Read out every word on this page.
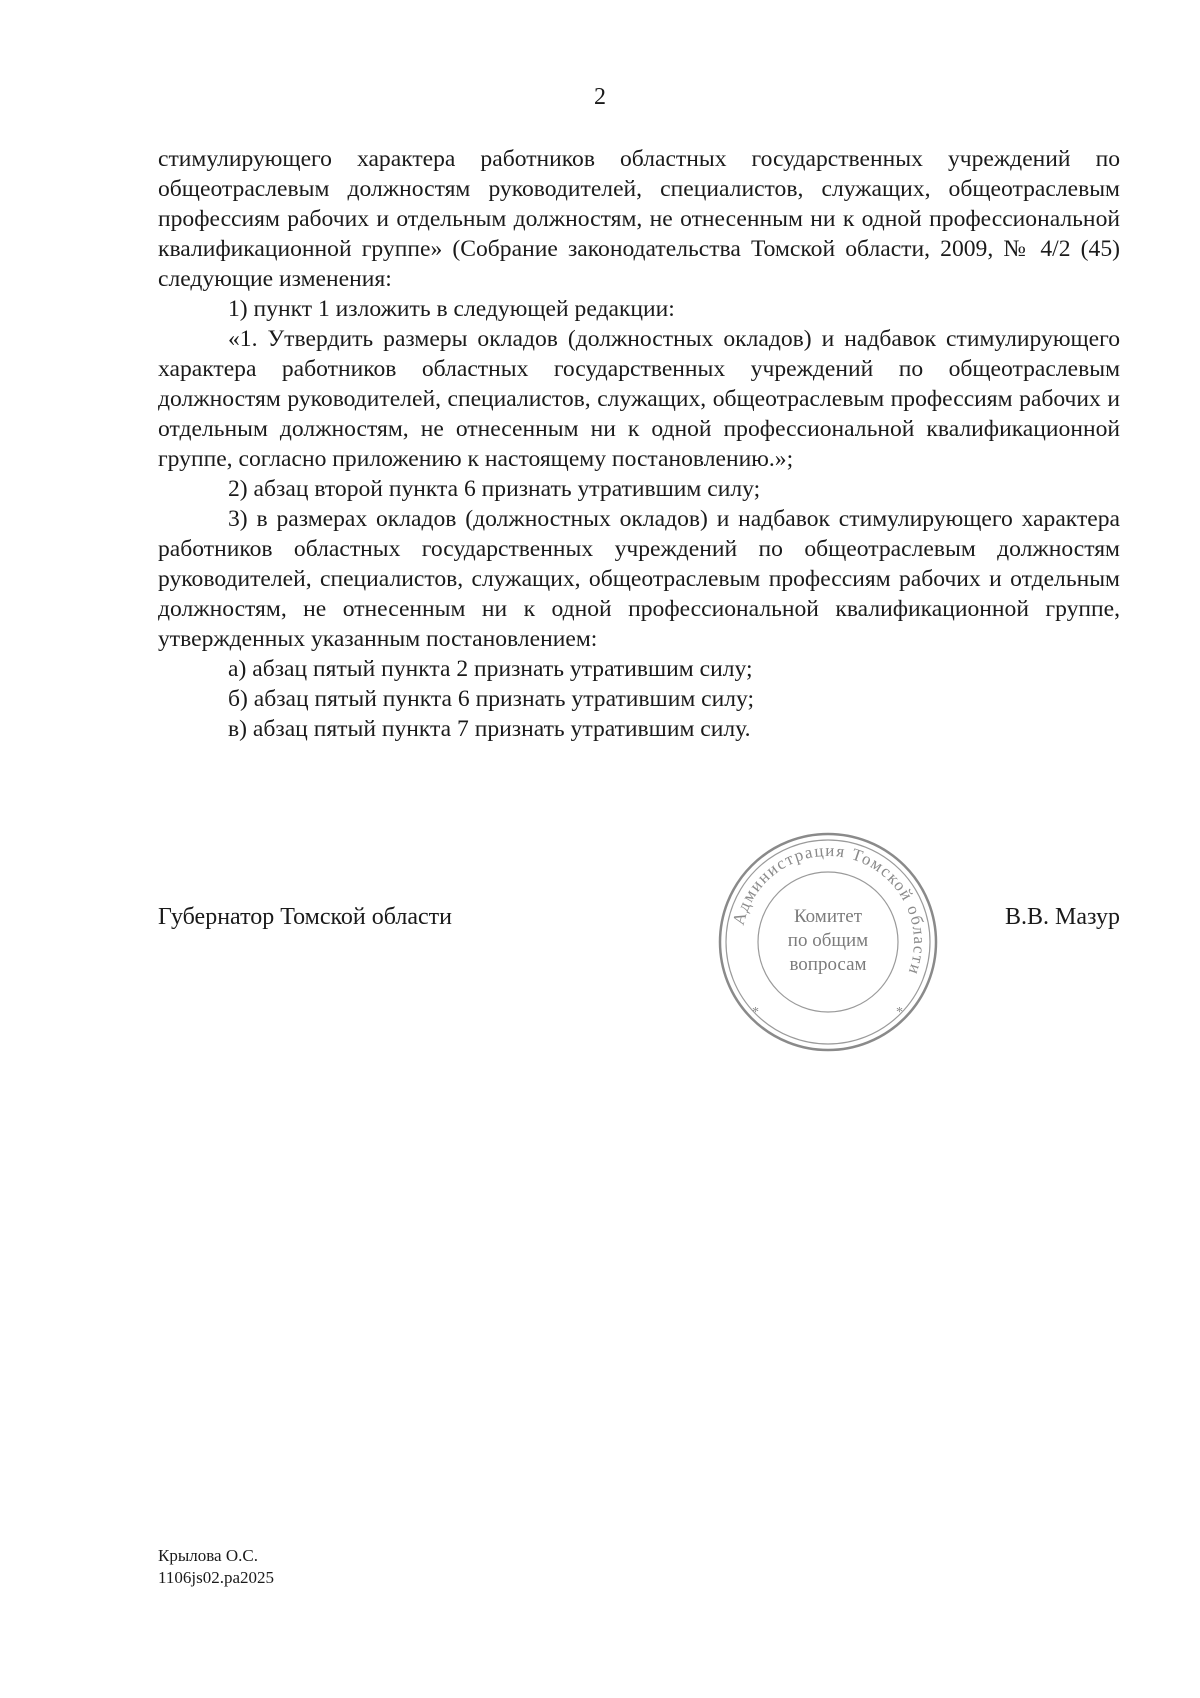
2

стимулирующего характера работников областных государственных учреждений по общеотраслевым должностям руководителей, специалистов, служащих, общеотраслевым профессиям рабочих и отдельным должностям, не отнесенным ни к одной профессиональной квалификационной группе» (Собрание законодательства Томской области, 2009, № 4/2 (45) следующие изменения:

1) пункт 1 изложить в следующей редакции:

«1. Утвердить размеры окладов (должностных окладов) и надбавок стимулирующего характера работников областных государственных учреждений по общеотраслевым должностям руководителей, специалистов, служащих, общеотраслевым профессиям рабочих и отдельным должностям, не отнесенным ни к одной профессиональной квалификационной группе, согласно приложению к настоящему постановлению.»;

2) абзац второй пункта 6 признать утратившим силу;

3) в размерах окладов (должностных окладов) и надбавок стимулирующего характера работников областных государственных учреждений по общеотраслевым должностям руководителей, специалистов, служащих, общеотраслевым профессиям рабочих и отдельным должностям, не отнесенным ни к одной профессиональной квалификационной группе, утвержденных указанным постановлением:

а) абзац пятый пункта 2 признать утратившим силу;

б) абзац пятый пункта 6 признать утратившим силу;

в) абзац пятый пункта 7 признать утратившим силу.

Губернатор Томской области	Администрация Томской области
*	*
Комитет
по общим
вопросам
В.В. Мазур
Крылова О.С.
1106js02.ра2025
